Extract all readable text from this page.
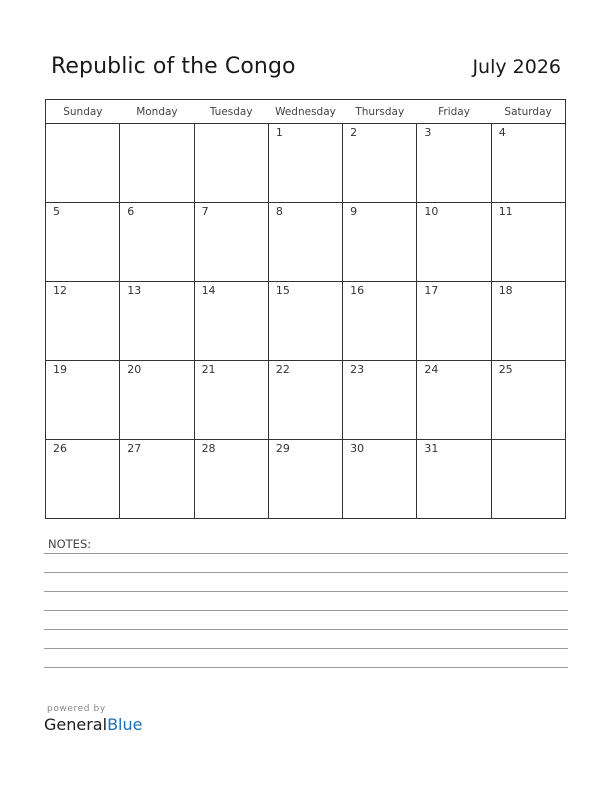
Republic of the Congo	July 2026
Sunday	Monday	Tuesday	Wednesday	Thursday	Friday	Saturday
			1	2	3	4
5	6	7	8	9	10	11
12	13	14	15	16	17	18
19	20	21	22	23	24	25
26	27	28	29	30	31	
NOTES:
powered by
GeneralBlue
